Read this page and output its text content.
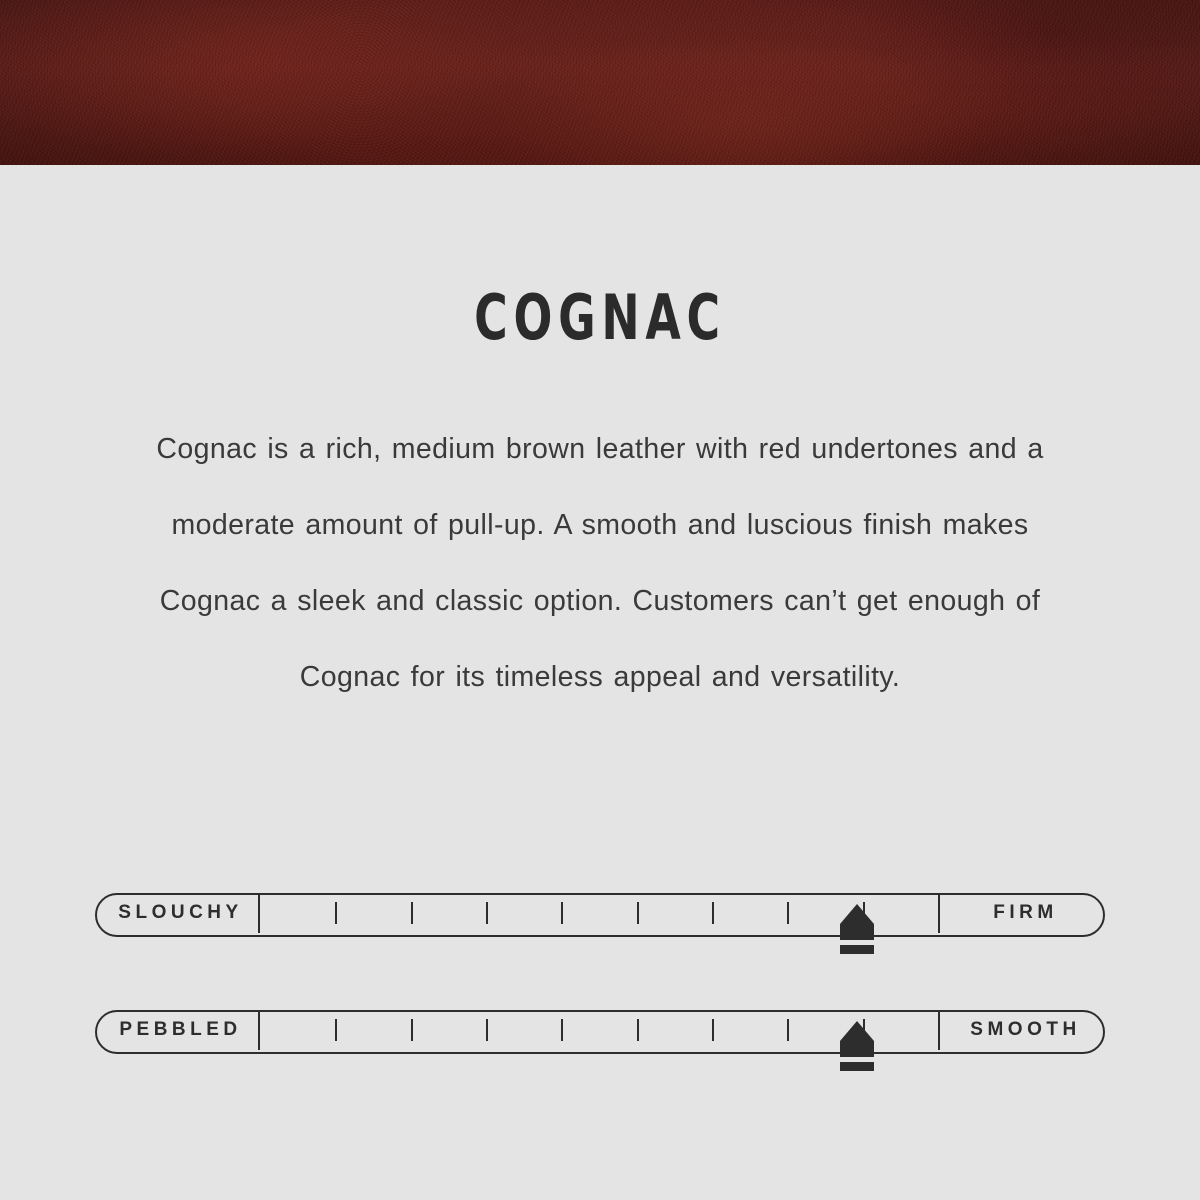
COGNAC

Cognac is a rich, medium brown leather with red undertones and a moderate amount of pull-up. A smooth and luscious finish makes Cognac a sleek and classic option. Customers can’t get enough of Cognac for its timeless appeal and versatility.

SLOUCHY	FIRM
PEBBLED	SMOOTH
